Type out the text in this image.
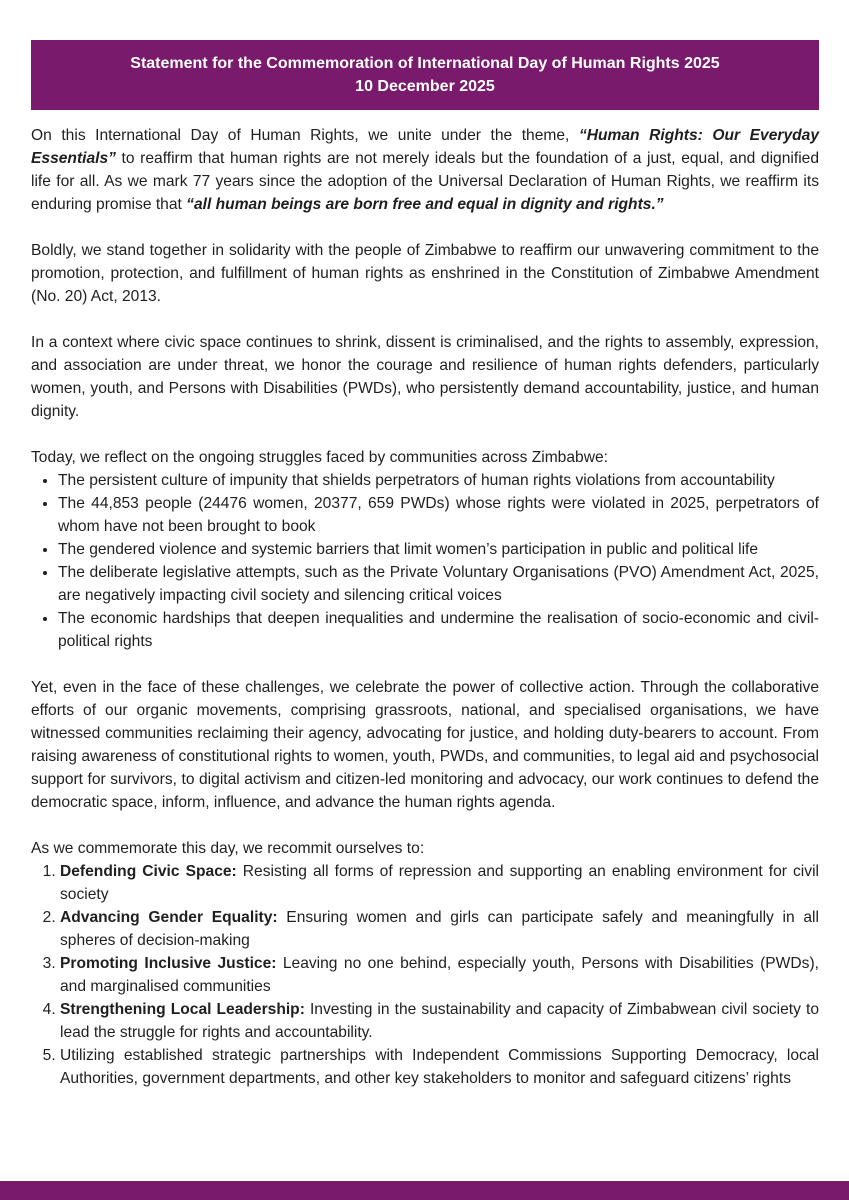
Statement for the Commemoration of International Day of Human Rights 2025
10 December 2025

On this International Day of Human Rights, we unite under the theme, “Human Rights: Our Everyday Essentials” to reaffirm that human rights are not merely ideals but the foundation of a just, equal, and dignified life for all. As we mark 77 years since the adoption of the Universal Declaration of Human Rights, we reaffirm its enduring promise that “all human beings are born free and equal in dignity and rights.”

Boldly, we stand together in solidarity with the people of Zimbabwe to reaffirm our unwavering commitment to the promotion, protection, and fulfillment of human rights as enshrined in the Constitution of Zimbabwe Amendment (No. 20) Act, 2013.

In a context where civic space continues to shrink, dissent is criminalised, and the rights to assembly, expression, and association are under threat, we honor the courage and resilience of human rights defenders, particularly women, youth, and Persons with Disabilities (PWDs), who persistently demand accountability, justice, and human dignity.

Today, we reflect on the ongoing struggles faced by communities across Zimbabwe:

• The persistent culture of impunity that shields perpetrators of human rights violations from accountability
• The 44,853 people (24476 women, 20377, 659 PWDs) whose rights were violated in 2025, perpetrators of whom have not been brought to book
• The gendered violence and systemic barriers that limit women’s participation in public and political life
• The deliberate legislative attempts, such as the Private Voluntary Organisations (PVO) Amendment Act, 2025, are negatively impacting civil society and silencing critical voices
• The economic hardships that deepen inequalities and undermine the realisation of socio-economic and civil-political rights

Yet, even in the face of these challenges, we celebrate the power of collective action. Through the collaborative efforts of our organic movements, comprising grassroots, national, and specialised organisations, we have witnessed communities reclaiming their agency, advocating for justice, and holding duty-bearers to account. From raising awareness of constitutional rights to women, youth, PWDs, and communities, to legal aid and psychosocial support for survivors, to digital activism and citizen-led monitoring and advocacy, our work continues to defend the democratic space, inform, influence, and advance the human rights agenda.

As we commemorate this day, we recommit ourselves to:

1. Defending Civic Space: Resisting all forms of repression and supporting an enabling environment for civil society
2. Advancing Gender Equality: Ensuring women and girls can participate safely and meaningfully in all spheres of decision-making
3. Promoting Inclusive Justice: Leaving no one behind, especially youth, Persons with Disabilities (PWDs), and marginalised communities
4. Strengthening Local Leadership: Investing in the sustainability and capacity of Zimbabwean civil society to lead the struggle for rights and accountability.
5. Utilizing established strategic partnerships with Independent Commissions Supporting Democracy, local Authorities, government departments, and other key stakeholders to monitor and safeguard citizens’ rights
